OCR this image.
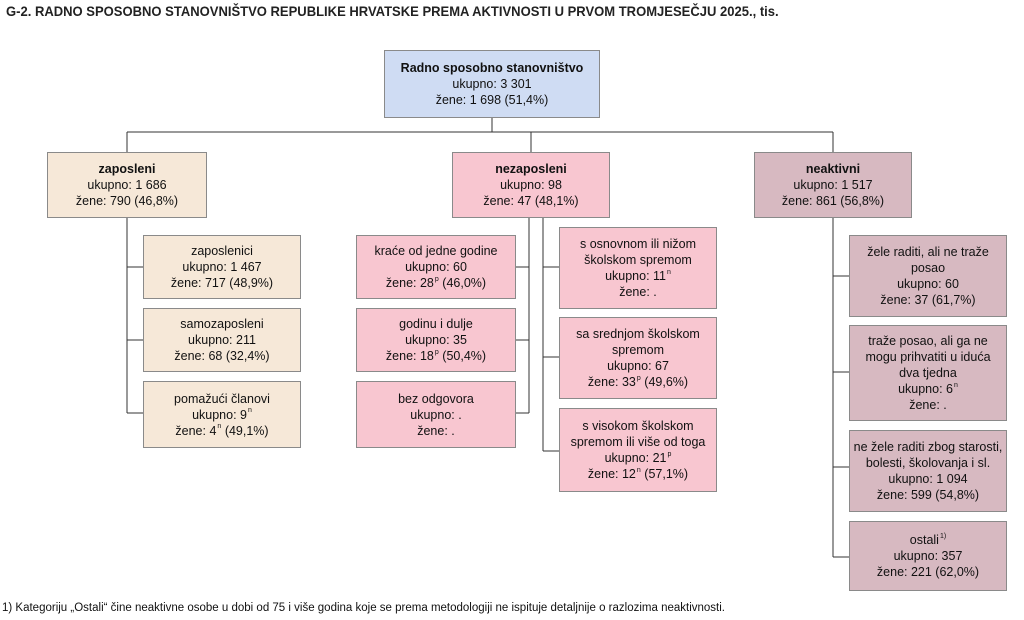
G-2. RADNO SPOSOBNO STANOVNIŠTVO REPUBLIKE HRVATSKE PREMA AKTIVNOSTI U PRVOM TROMJESEČJU 2025., tis.
Radno sposobno stanovništvo
ukupno: 3 301
žene: 1 698 (51,4%)
zaposleni
ukupno: 1 686
žene: 790 (46,8%)
nezaposleni
ukupno: 98
žene: 47 (48,1%)
neaktivni
ukupno: 1 517
žene: 861 (56,8%)
zaposlenici
ukupno: 1 467
žene: 717 (48,9%)
samozaposleni
ukupno: 211
žene: 68 (32,4%)
pomažući članovi
ukupno: 9$^n$
žene: 4$^n$ (49,1%)
kraće od jedne godine
ukupno: 60
žene: 28$^p$ (46,0%)
godinu i dulje
ukupno: 35
žene: 18$^p$ (50,4%)
bez odgovora
ukupno: .
žene: .
s osnovnom ili nižom
školskom spremom
ukupno: 11$^n$
žene: .
sa srednjom školskom
spremom
ukupno: 67
žene: 33$^p$ (49,6%)
s visokom školskom
spremom ili više od toga
ukupno: 21$^p$
žene: 12$^n$ (57,1%)
žele raditi, ali ne traže
posao
ukupno: 60
žene: 37 (61,7%)
traže posao, ali ga ne
mogu prihvatiti u iduća
dva tjedna
ukupno: 6$^n$
žene: .
ne žele raditi zbog starosti,
bolesti, školovanja i sl.
ukupno: 1 094
žene: 599 (54,8%)
ostali$^{1)}$
ukupno: 357
žene: 221 (62,0%)
1) Kategoriju „Ostali“ čine neaktivne osobe u dobi od 75 i više godina koje se prema metodologiji ne ispituje detaljnije o razlozima neaktivnosti.
